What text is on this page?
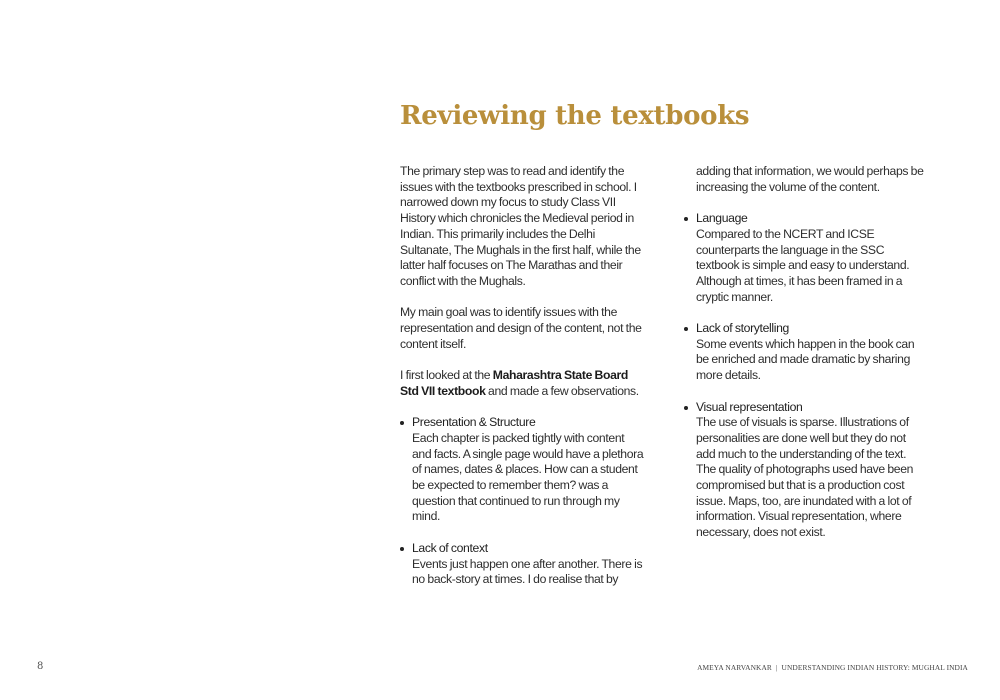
Reviewing the textbooks

The primary step was to read and identify the issues with the textbooks prescribed in school. I narrowed down my focus to study Class VII History which chronicles the Medieval period in Indian. This primarily includes the Delhi Sultanate, The Mughals in the first half, while the latter half focuses on The Marathas and their conflict with the Mughals.

My main goal was to identify issues with the representation and design of the content, not the content itself.

I first looked at the Maharashtra State Board Std VII textbook and made a few observations.

Presentation & Structure
Each chapter is packed tightly with content and facts. A single page would have a plethora of names, dates & places. How can a student be expected to remember them? was a question that continued to run through my mind.
Lack of context
Events just happen one after another. There is no back-story at times. I do realise that by

adding that information, we would perhaps be increasing the volume of the content.

Language
Compared to the NCERT and ICSE counterparts the language in the SSC textbook is simple and easy to understand. Although at times, it has been framed in a cryptic manner.
Lack of storytelling
Some events which happen in the book can be enriched and made dramatic by sharing more details.
Visual representation
The use of visuals is sparse. Illustrations of personalities are done well but they do not add much to the understanding of the text. The quality of photographs used have been compromised but that is a production cost issue. Maps, too, are inundated with a lot of information. Visual representation, where necessary, does not exist.
8	AMEYA NARVANKAR | UNDERSTANDING INDIAN HISTORY: MUGHAL INDIA
